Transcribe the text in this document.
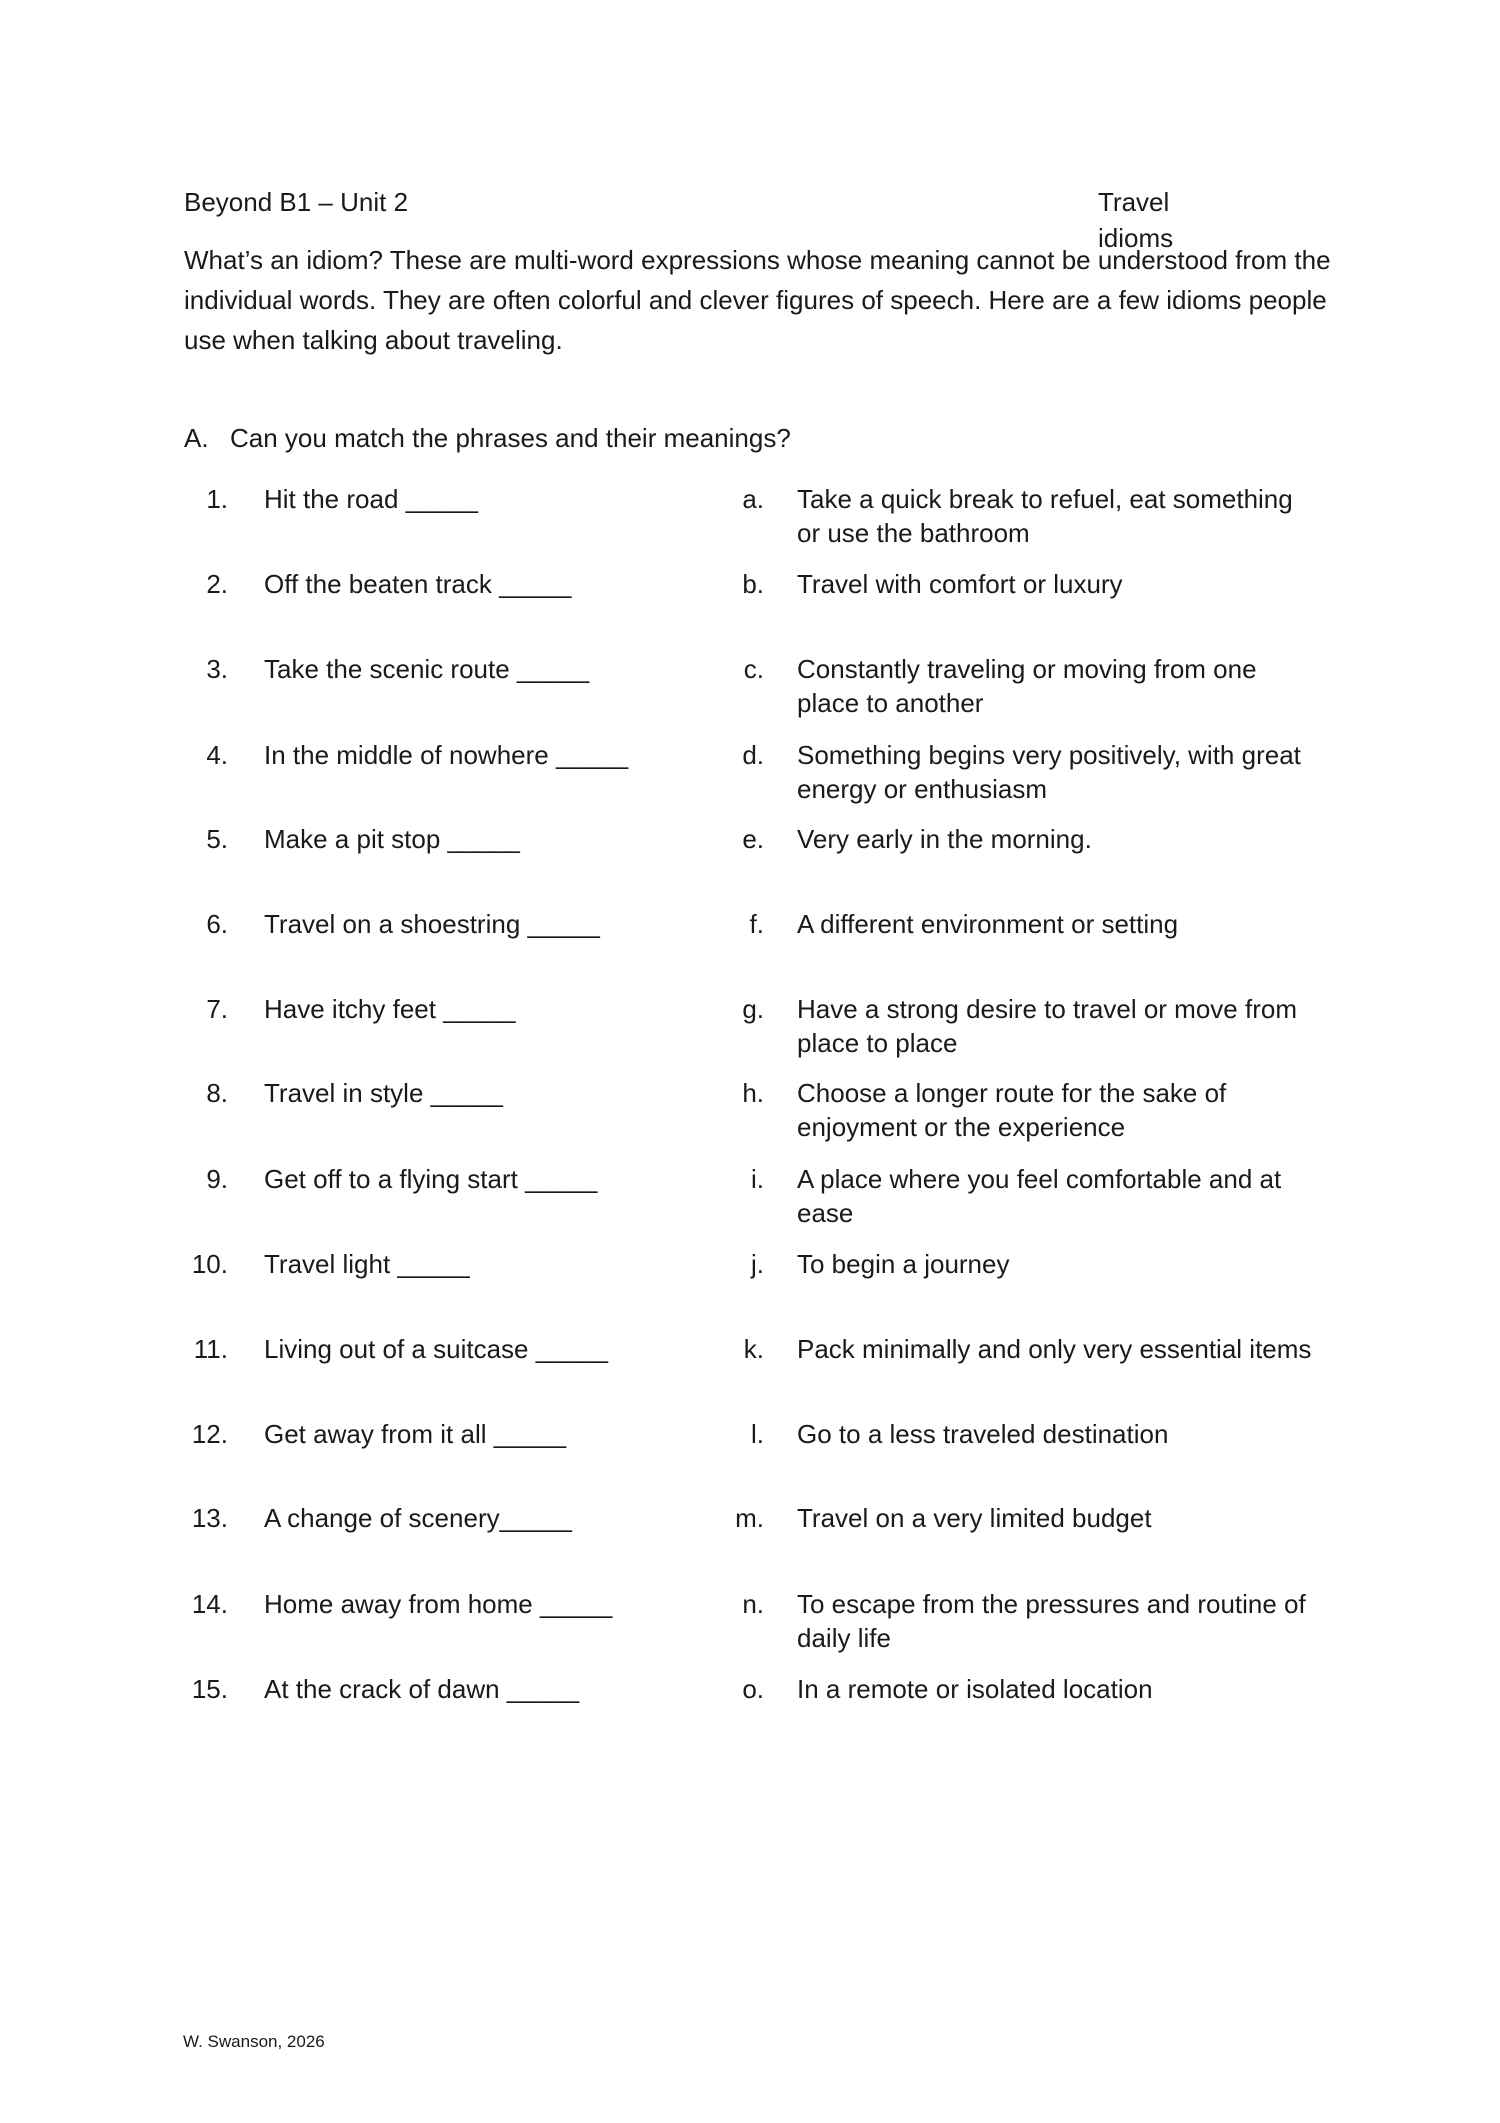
Beyond B1 – Unit 2	Travel idioms
What’s an idiom? These are multi-word expressions whose meaning cannot be understood from the individual words. They are often colorful and clever figures of speech. Here are a few idioms people use when talking about traveling.
A. Can you match the phrases and their meanings?
1. Hit the road _____	a. Take a quick break to refuel, eat something or use the bathroom
2. Off the beaten track _____	b. Travel with comfort or luxury
3. Take the scenic route _____	c. Constantly traveling or moving from one place to another
4. In the middle of nowhere _____	d. Something begins very positively, with great energy or enthusiasm
5. Make a pit stop _____	e. Very early in the morning.
6. Travel on a shoestring _____	f. A different environment or setting
7. Have itchy feet _____	g. Have a strong desire to travel or move from place to place
8. Travel in style _____	h. Choose a longer route for the sake of enjoyment or the experience
9. Get off to a flying start _____	i. A place where you feel comfortable and at ease
10. Travel light _____	j. To begin a journey
11. Living out of a suitcase _____	k. Pack minimally and only very essential items
12. Get away from it all _____	l. Go to a less traveled destination
13. A change of scenery_____	m. Travel on a very limited budget
14. Home away from home _____	n. To escape from the pressures and routine of daily life
15. At the crack of dawn _____	o. In a remote or isolated location
W. Swanson, 2026
